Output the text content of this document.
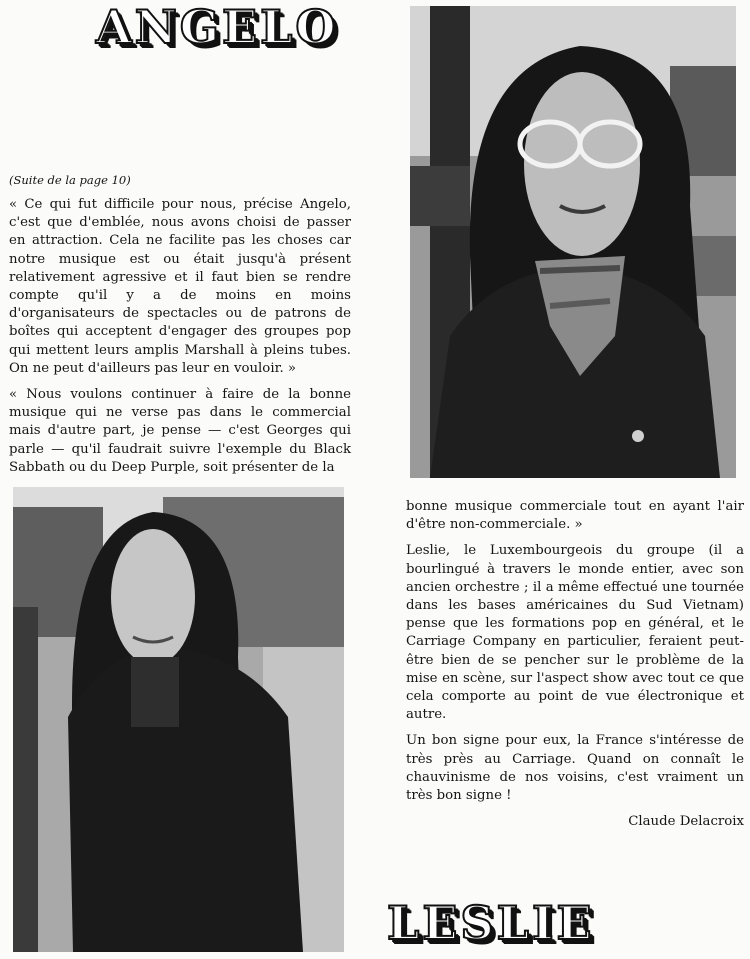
ANGELO

(Suite de la page 10)

« Ce qui fut difficile pour nous, précise Angelo, c'est que d'emblée, nous avons choisi de passer en attraction. Cela ne facilite pas les choses car notre musique est ou était jusqu'à présent relativement agressive et il faut bien se rendre compte qu'il y a de moins en moins d'organisateurs de spectacles ou de patrons de boîtes qui acceptent d'engager des groupes pop qui mettent leurs amplis Marshall à pleins tubes. On ne peut d'ailleurs pas leur en vouloir. »

« Nous voulons continuer à faire de la bonne musique qui ne verse pas dans le commercial mais d'autre part, je pense — c'est Georges qui parle — qu'il faudrait suivre l'exemple du Black Sabbath ou du Deep Purple, soit présenter de la

bonne musique commerciale tout en ayant l'air d'être non-commerciale. »

Leslie, le Luxembourgeois du groupe (il a bourlingué à travers le monde entier, avec son ancien orchestre ; il a même effectué une tournée dans les bases américaines du Sud Vietnam) pense que les formations pop en général, et le Carriage Company en particulier, feraient peut-être bien de se pencher sur le problème de la mise en scène, sur l'aspect show avec tout ce que cela comporte au point de vue électronique et autre.

Un bon signe pour eux, la France s'intéresse de très près au Carriage. Quand on connaît le chauvinisme de nos voisins, c'est vraiment un très bon signe !

Claude Delacroix

LESLIE
